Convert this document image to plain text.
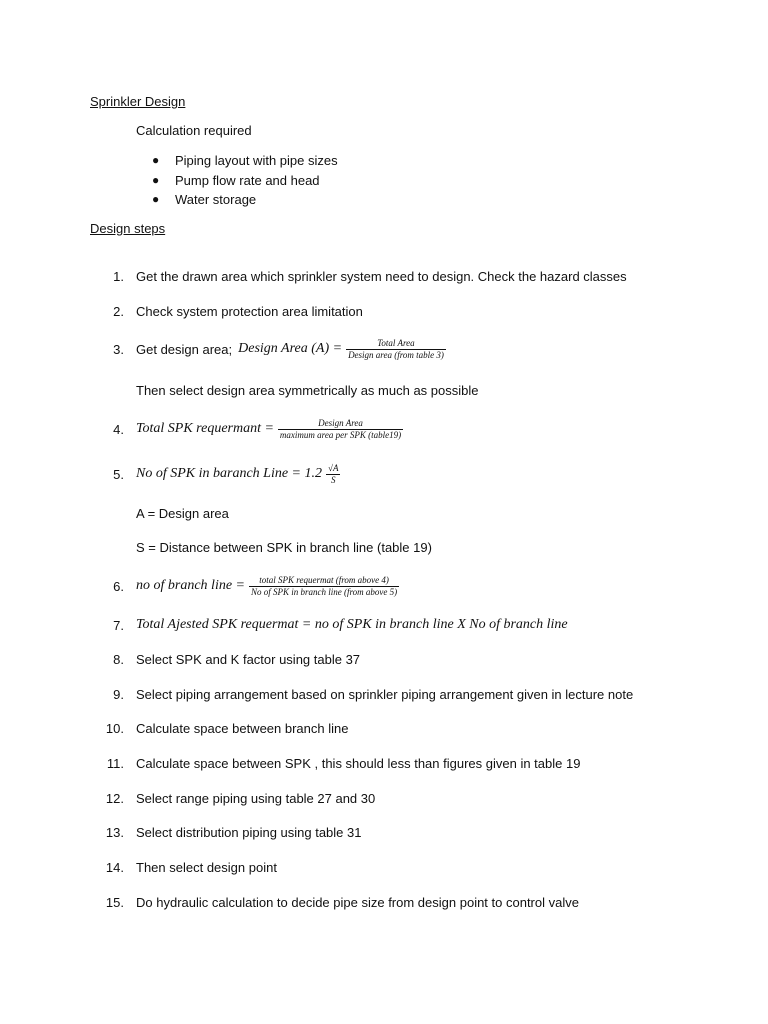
Sprinkler Design
Calculation required
● Piping layout with pipe sizes
● Pump flow rate and head
● Water storage
Design steps
1. Get the drawn area which sprinkler system need to design. Check the hazard classes
2. Check system protection area limitation
3. Get design area; Design Area $(A) = \frac{\text{Total Area}}{\text{Design area (from table 3)}}$
Then select design area symmetrically as much as possible
4. Total SPK requermant = $\frac{\text{Design Area}}{\text{maximum area per SPK (table19)}}$
5. No of SPK in baranch Line = $1.2 \frac{√A}{S}$
A = Design area
S = Distance between SPK in branch line (table 19)
6. no of branch line = $\frac{\text{total SPK requermat (from above 4)}}{\text{No of SPK in branch line (from above 5)}}$
7. Total Ajested SPK requermat = no of SPK in branch line X No of branch line
8. Select SPK and K factor using table 37
9. Select piping arrangement based on sprinkler piping arrangement given in lecture note
10. Calculate space between branch line
11. Calculate space between SPK , this should less than figures given in table 19
12. Select range piping using table 27 and 30
13. Select distribution piping using table 31
14. Then select design point
15. Do hydraulic calculation to decide pipe size from design point to control valve
